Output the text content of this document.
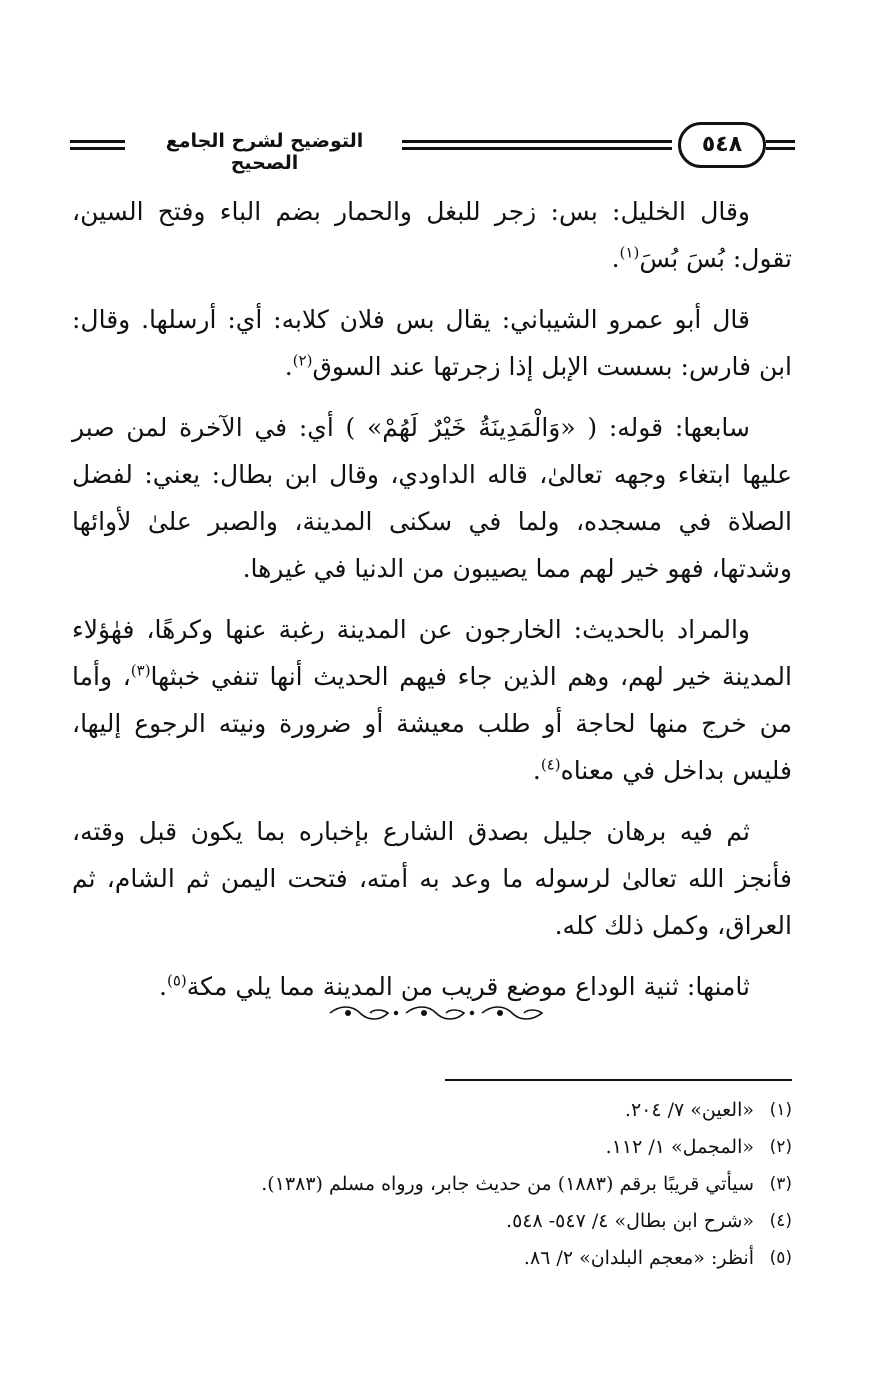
التوضيح لشرح الجامع الصحيح
٥٤٨

وقال الخليل: بس: زجر للبغل والحمار بضم الباء وفتح السين، تقول: بُسَ بُسَ$^{(١)}$.

قال أبو عمرو الشيباني: يقال بس فلان كلابه: أي: أرسلها. وقال: ابن فارس: بسست الإبل إذا زجرتها عند السوق$^{(٢)}$.

سابعها: قوله: ( «وَالْمَدِينَةُ خَيْرٌ لَهُمْ» ) أي: في الآخرة لمن صبر عليها ابتغاء وجهه تعالىٰ، قاله الداودي، وقال ابن بطال: يعني: لفضل الصلاة في مسجده، ولما في سكنى المدينة، والصبر علىٰ لأوائها وشدتها، فهو خير لهم مما يصيبون من الدنيا في غيرها.

والمراد بالحديث: الخارجون عن المدينة رغبة عنها وكرهًا، فهٰؤلاء المدينة خير لهم، وهم الذين جاء فيهم الحديث أنها تنفي خبثها$^{(٣)}$، وأما من خرج منها لحاجة أو طلب معيشة أو ضرورة ونيته الرجوع إليها، فليس بداخل في معناه$^{(٤)}$.

ثم فيه برهان جليل بصدق الشارع بإخباره بما يكون قبل وقته، فأنجز الله تعالىٰ لرسوله ما وعد به أمته، فتحت اليمن ثم الشام، ثم العراق، وكمل ذلك كله.

ثامنها: ثنية الوداع موضع قريب من المدينة مما يلي مكة$^{(٥)}$.

(١)
«العين» ٧/ ٢٠٤.
(٢)
«المجمل» ١/ ١١٢.
(٣)
سيأتي قريبًا برقم (١٨٨٣) من حديث جابر، ورواه مسلم (١٣٨٣).
(٤)
«شرح ابن بطال» ٤/ ٥٤٧- ٥٤٨.
(٥)
أنظر: «معجم البلدان» ٢/ ٨٦.
